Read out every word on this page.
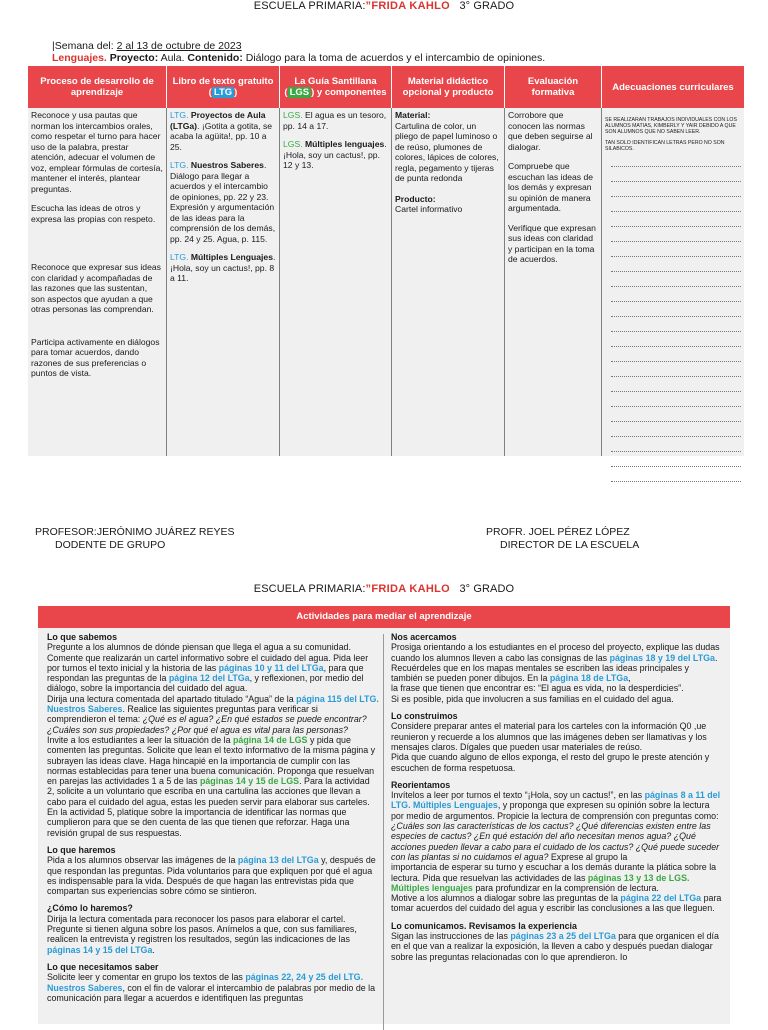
ESCUELA PRIMARIA:”FRIDA KAHLO 3° GRADO
|Semana del: 2 al 13 de octubre de 2023
Lenguajes. Proyecto: Aula. Contenido: Diálogo para la toma de acuerdos y el intercambio de opiniones.
Proceso de desarrollo de aprendizaje
Libro de texto gratuito ( LTG )
La Guía Santillana ( LGS ) y componentes
Material didáctico opcional y producto
Evaluación formativa	Adecuaciones curriculares

Reconoce y usa pautas que norman los intercambios orales, como respetar el turno para hacer uso de la palabra, prestar atención, adecuar el volumen de voz, emplear fórmulas de cortesía, mantener el interés, plantear preguntas.

Escucha las ideas de otros y expresa las propias con respeto.

Reconoce que expresar sus ideas con claridad y acompañadas de las razones que las sustentan, son aspectos que ayudan a que otras personas las comprendan.

Participa activamente en diálogos para tomar acuerdos, dando razones de sus preferencias o puntos de vista.

LTG. Proyectos de Aula (LTGa). ¡Gotita a gotita, se acaba la agüita!, pp. 10 a 25.

LTG. Nuestros Saberes. Diálogo para llegar a acuerdos y el intercambio de opiniones, pp. 22 y 23. Expresión y argumentación de las ideas para la comprensión de los demás, pp. 24 y 25. Agua, p. 115.

LTG. Múltiples Lenguajes. ¡Hola, soy un cactus!, pp. 8 a 11.

LGS. El agua es un tesoro, pp. 14 a 17.

LGS. Múltiples lenguajes. ¡Hola, soy un cactus!, pp. 12 y 13.

Material:

Cartulina de color, un pliego de papel luminoso o de reúso, plumones de colores, lápices de colores, regla, pegamento y tijeras de punta redonda

Producto:

Cartel informativo

Corrobore que conocen las normas que deben seguirse al dialogar.

Compruebe que escuchan las ideas de los demás y expresan su opinión de manera argumentada.

Verifique que expresan sus ideas con claridad y participan en la toma de acuerdos.

SE REALIZARAN TRABAJOS INDIVIDUALES CON LOS ALUMNOS MATIAS, KIMBERLY Y YAIR DEBIDO A QUE SON ALUMNOS QUE NO SABEN LEER.

TAN SOLO IDENTIFICAN LETRAS PERO NO SON SILABICOS.

PROFESOR:JERÓNIMO JUÁREZ REYES
DODENTE DE GRUPO
PROFR. JOEL PÉREZ LÓPEZ
DIRECTOR DE LA ESCUELA
ESCUELA PRIMARIA:”FRIDA KAHLO 3° GRADO
Actividades para mediar el aprendizaje

Lo que sabemos

Pregunte a los alumnos de dónde piensan que llega el agua a su comunidad. Comente que realizarán un cartel informativo sobre el cuidado del agua. Pida leer por turnos el texto inicial y la historia de las páginas 10 y 11 del LTGa, para que respondan las preguntas de la página 12 del LTGa, y reflexionen, por medio del diálogo, sobre la importancia del cuidado del agua.

Dirija una lectura comentada del apartado titulado “Agua” de la página 115 del LTG. Nuestros Saberes. Realice las siguientes preguntas para verificar si comprendieron el tema: ¿Qué es el agua? ¿En qué estados se puede encontrar? ¿Cuáles son sus propiedades? ¿Por qué el agua es vital para las personas?

Invite a los estudiantes a leer la situación de la página 14 de LGS y pida que comenten las preguntas. Solicite que lean el texto informativo de la misma página y subrayen las ideas clave. Haga hincapié en la importancia de cumplir con las normas establecidas para tener una buena comunicación. Proponga que resuelvan en parejas las actividades 1 a 5 de las páginas 14 y 15 de LGS. Para la actividad 2, solicite a un voluntario que escriba en una cartulina las acciones que llevan a cabo para el cuidado del agua, estas les pueden servir para elaborar sus carteles. En la actividad 5, platique sobre la importancia de identificar las normas que cumplieron para que se den cuenta de las que tienen que reforzar. Haga una revisión grupal de sus respuestas.

Lo que haremos

Pida a los alumnos observar las imágenes de la página 13 del LTGa y, después de que respondan las preguntas. Pida voluntarios para que expliquen por qué el agua es indispensable para la vida. Después de que hagan las entrevistas pida que compartan sus experiencias sobre cómo se sintieron.

¿Cómo lo haremos?

Dirija la lectura comentada para reconocer los pasos para elaborar el cartel. Pregunte si tienen alguna sobre los pasos. Anímelos a que, con sus familiares, realicen la entrevista y registren los resultados, según las indicaciones de las páginas 14 y 15 del LTGa.

Lo que necesitamos saber

Solicite leer y comentar en grupo los textos de las páginas 22, 24 y 25 del LTG. Nuestros Saberes, con el fin de valorar el intercambio de palabras por medio de la comunicación para llegar a acuerdos e identifiquen las preguntas

Nos acercamos

Prosiga orientando a los estudiantes en el proceso del proyecto, explique las dudas cuando los alumnos lleven a cabo las consignas de las páginas 18 y 19 del LTGa. Recuérdeles que en los mapas mentales se escriben las ideas principales y también se pueden poner dibujos. En la página 18 de LTGa,

la frase que tienen que encontrar es: “El agua es vida, no la desperdicies”.

Si es posible, pida que involucren a sus familias en el cuidado del agua.

Lo construimos

Considere preparar antes el material para los carteles con la información Q0 ,ue reunieron y recuerde a los alumnos que las imágenes deben ser llamativas y los mensajes claros. Dígales que pueden usar materiales de reúso.

Pida que cuando alguno de ellos exponga, el resto del grupo le preste atención y escuchen de forma respetuosa.

Reorientamos

Invítelos a leer por turnos el texto “¡Hola, soy un cactus!”, en las páginas 8 a 11 del LTG. Múltiples Lenguajes, y proponga que expresen su opinión sobre la lectura por medio de argumentos. Propicie la lectura de comprensión con preguntas como: ¿Cuáles son las características de los cactus? ¿Qué diferencias existen entre las especies de cactus? ¿En qué estación del año necesitan menos agua? ¿Qué acciones pueden llevar a cabo para el cuidado de los cactus? ¿Qué puede suceder con las plantas si no cuidamos el agua? Exprese al grupo la

importancia de esperar su turno y escuchar a los demás durante la plática sobre la lectura. Pida que resuelvan las actividades de las páginas 13 y 13 de LGS. Múltiples lenguajes para profundizar en la comprensión de lectura.

Motive a los alumnos a dialogar sobre las preguntas de la página 22 del LTGa para tomar acuerdos del cuidado del agua y escribir las conclusiones a las que lleguen.

Lo comunicamos. Revisamos la experiencia

Sigan las instrucciones de las páginas 23 a 25 del LTGa para que organicen el día en el que van a realizar la exposición, la lleven a cabo y después puedan dialogar sobre las preguntas relacionadas con lo que aprendieron. Io
